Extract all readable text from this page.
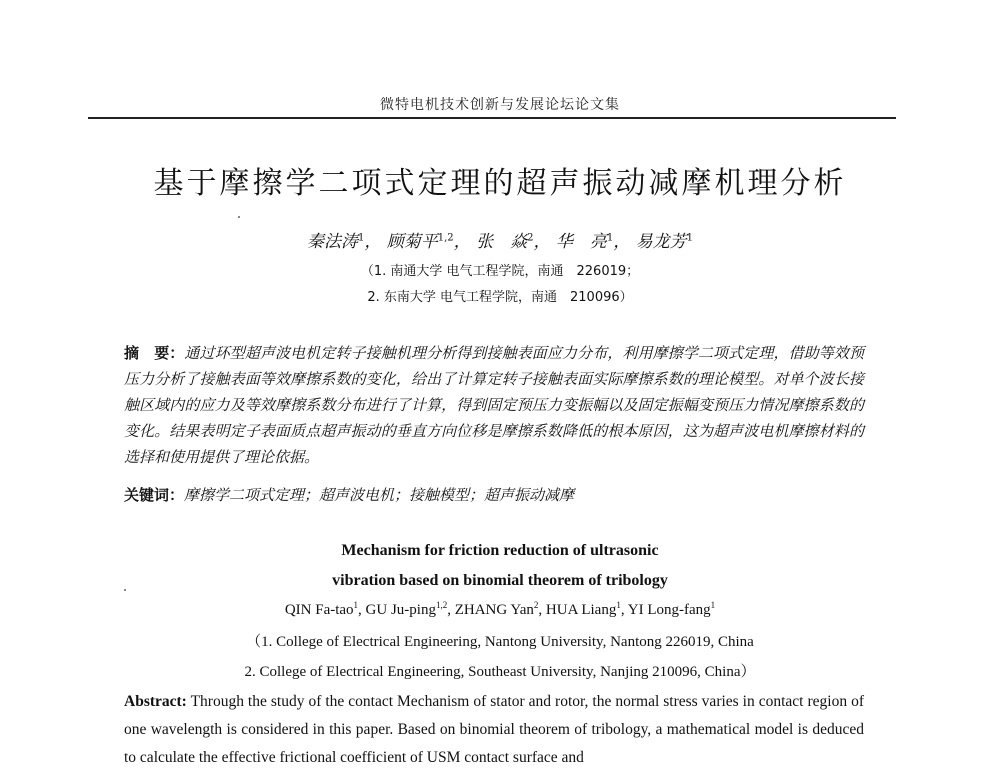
微特电机技术创新与发展论坛论文集
基于摩擦学二项式定理的超声振动减摩机理分析
秦法涛$^1$， 顾菊平$^{1,2}$， 张　焱$^2$， 华　亮$^1$， 易龙芳$^1$
（1. 南通大学 电气工程学院，南通　226019；
2. 东南大学 电气工程学院，南通　210096）
摘　要：通过环型超声波电机定转子接触机理分析得到接触表面应力分布，利用摩擦学二项式定理，借助等效预压力分析了接触表面等效摩擦系数的变化，给出了计算定转子接触表面实际摩擦系数的理论模型。对单个波长接触区域内的应力及等效摩擦系数分布进行了计算，得到固定预压力变振幅以及固定振幅变预压力情况摩擦系数的变化。结果表明定子表面质点超声振动的垂直方向位移是摩擦系数降低的根本原因，这为超声波电机摩擦材料的选择和使用提供了理论依据。
关键词：摩擦学二项式定理；超声波电机；接触模型；超声振动减摩
Mechanism for friction reduction of ultrasonic
vibration based on binomial theorem of tribology
QIN Fa-tao$^1$, GU Ju-ping$^{1,2}$, ZHANG Yan$^2$, HUA Liang$^1$, YI Long-fang$^1$
（1. College of Electrical Engineering, Nantong University, Nantong 226019, China
2. College of Electrical Engineering, Southeast University, Nanjing 210096, China）
Abstract: Through the study of the contact Mechanism of stator and rotor, the normal stress varies in contact region of one wavelength is considered in this paper. Based on binomial theorem of tribology, a mathematical model is deduced to calculate the effective frictional coefficient of USM contact surface and
